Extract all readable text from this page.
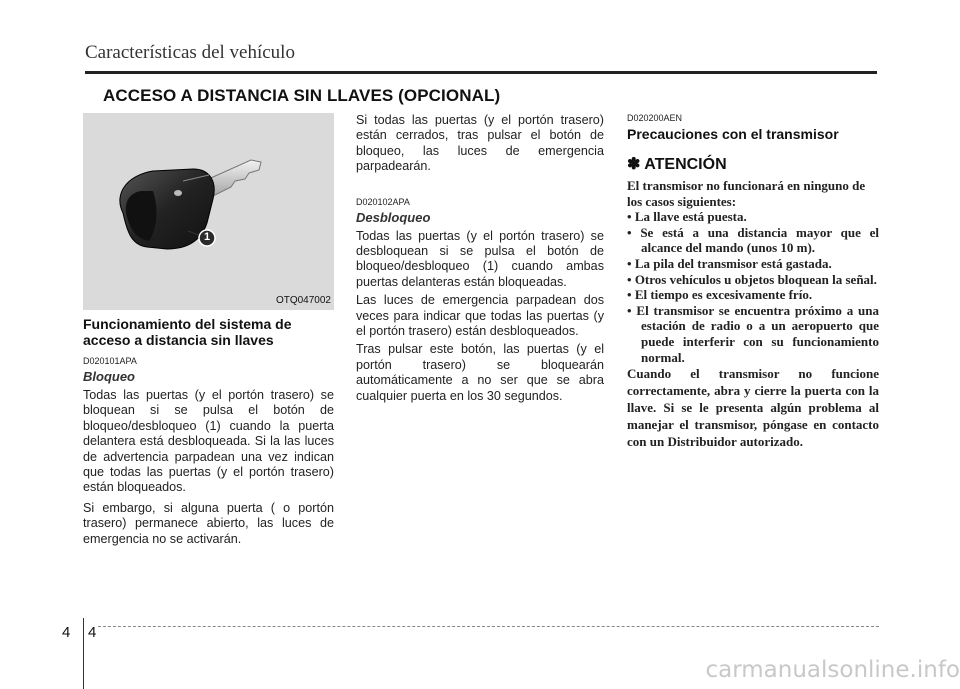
Características del vehículo
ACCESO A DISTANCIA SIN LLAVES (OPCIONAL)
1
OTQ047002

Funcionamiento del sistema de acceso a distancia sin llaves

D020101APA

Bloqueo

Todas las puertas (y el portón trasero) se bloquean si se pulsa el botón de bloqueo/desbloqueo (1) cuando la puerta delantera está desbloqueada. Si la las luces de advertencia parpadean una vez indican que todas las puertas (y el portón trasero) están bloqueados.

Si embargo, si alguna puerta ( o portón trasero) permanece abierto, las luces de emergencia no se activarán.

Si todas las puertas (y el portón trasero) están cerrados, tras pulsar el botón de bloqueo, las luces de emergencia parpadearán.

D020102APA

Desbloqueo

Todas las puertas (y el portón trasero) se desbloquean si se pulsa el botón de bloqueo/desbloqueo (1) cuando ambas puertas delanteras están bloqueadas.

Las luces de emergencia parpadean dos veces para indicar que todas las puertas (y el portón trasero) están desbloqueados.

Tras pulsar este botón, las puertas (y el portón trasero) se bloquearán automáticamente a no ser que se abra cualquier puerta en los 30 segundos.

D020200AEN

Precauciones con el transmisor

✽ ATENCIÓN

El transmisor no funcionará en ninguno de los casos siguientes:

• La llave está puesta.
• Se está a una distancia mayor que el alcance del mando (unos 10 m).
• La pila del transmisor está gastada.
• Otros vehículos u objetos bloquean la señal.
• El tiempo es excesivamente frío.
• El transmisor se encuentra próximo a una estación de radio o a un aeropuerto que puede interferir con su funcionamiento normal.

Cuando el transmisor no funcione correctamente, abra y cierre la puerta con la llave. Si se le presenta algún problema al manejar el transmisor, póngase en contacto con un Distribuidor autorizado.

4 4
carmanualsonline.info
